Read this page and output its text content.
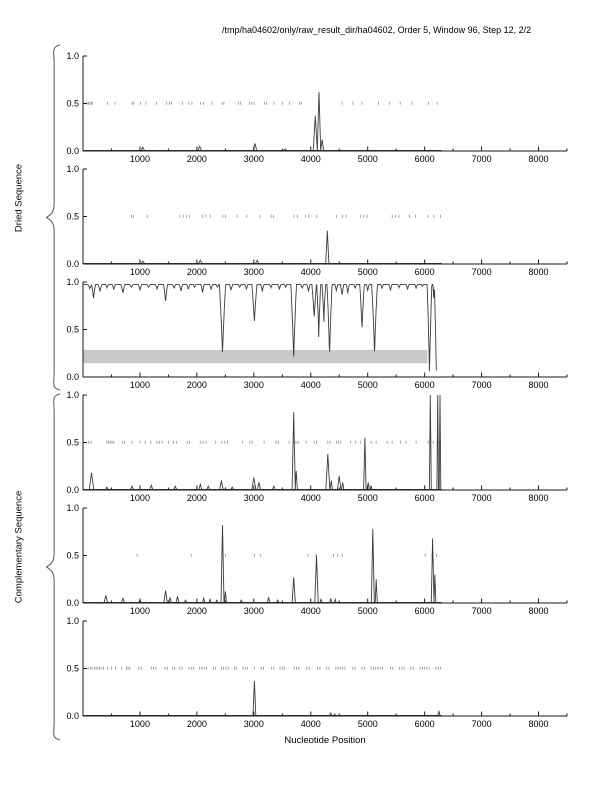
/tmp/ha04602/only/raw_result_dir/ha04602, Order 5, Window 96, Step 12, 2/2
Dried Sequence
Complementary Sequence
Nucleotide Position
1.0
0.5
0.0
1000	2000	3000	4000	5000	6000	7000	8000
1.0
0.5
0.0
1000	2000	3000	4000	5000	6000	7000	8000
1.0
0.5
0.0
1000	2000	3000	4000	5000	6000	7000	8000
1.0
0.5
0.0
1000	2000	3000	4000	5000	6000	7000	8000
1.0
0.5
0.0
1000	2000	3000	4000	5000	6000	7000	8000
1.0
0.5
0.0
1000	2000	3000	4000	5000	6000	7000	8000
